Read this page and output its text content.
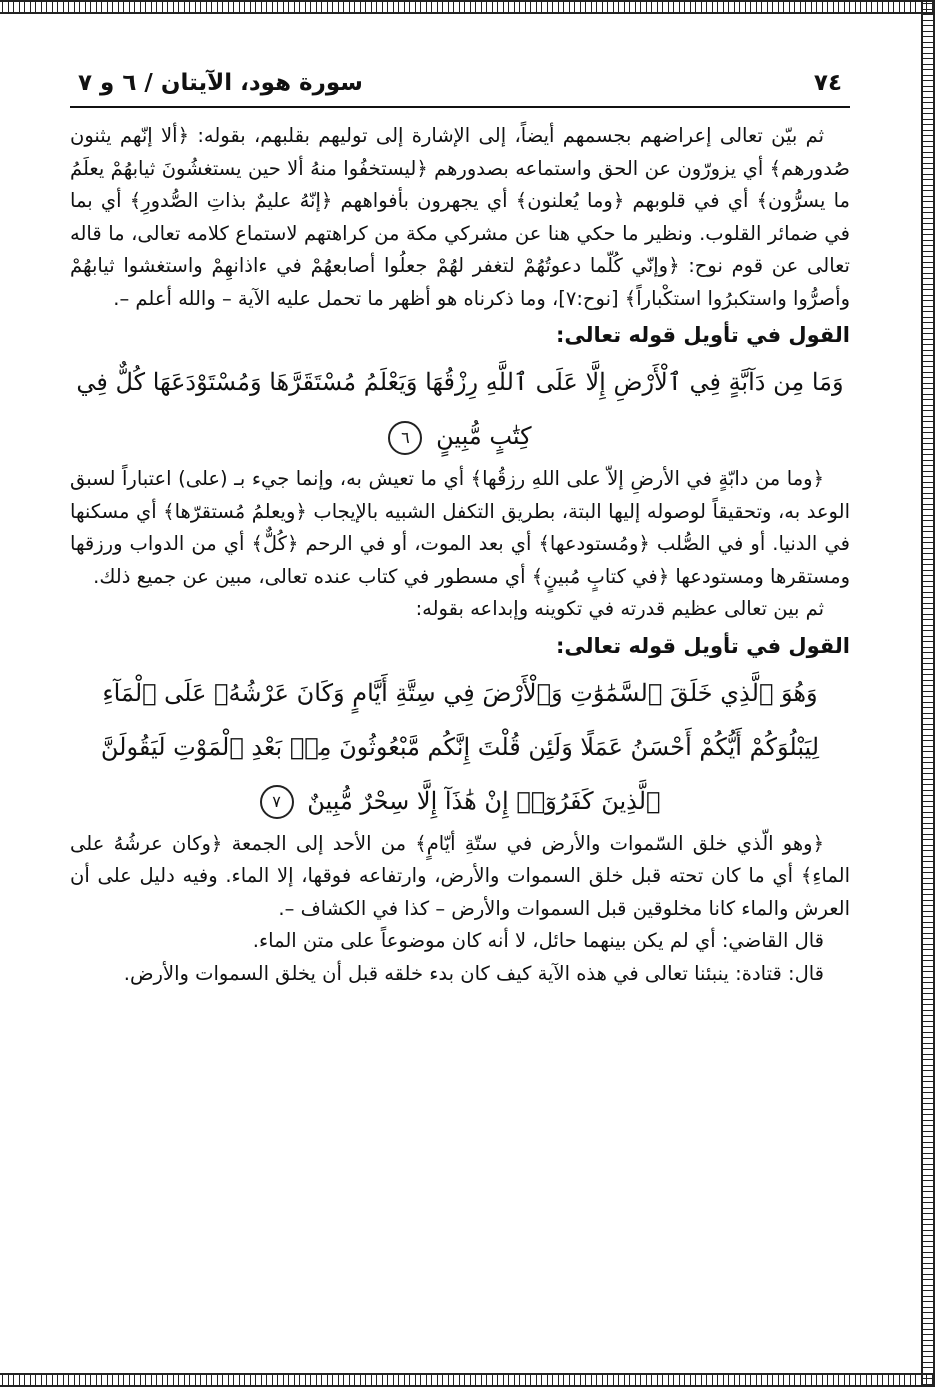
٧٤
سورة هود، الآيتان / ٦ و ٧

ثم بيّن تعالى إعراضهم بجسمهم أيضاً، إلى الإشارة إلى توليهم بقلبهم، بقوله: ﴿ألا إنّهم يثنون صُدورهم﴾ أي يزورّون عن الحق واستماعه بصدورهم ﴿ليستخفُوا منهُ ألا حين يستغشُونَ ثيابهُمْ يعلَمُ ما يسرُّون﴾ أي في قلوبهم ﴿وما يُعلنون﴾ أي يجهرون بأفواههم ﴿إنّهُ عليمٌ بذاتِ الصُّدورِ﴾ أي بما في ضمائر القلوب. ونظير ما حكي هنا عن مشركي مكة من كراهتهم لاستماع كلامه تعالى، ما قاله تعالى عن قوم نوح: ﴿وإنّي كُلّما دعوتُهُمْ لتغفر لهُمْ جعلُوا أصابعهُمْ في ءاذانهِمْ واستغشوا ثيابهُمْ وأصرُّوا واستكبرُوا استكْباراً﴾ [نوح:٧]، وما ذكرناه هو أظهر ما تحمل عليه الآية – والله أعلم –.

القول في تأويل قوله تعالى:
وَمَا مِن دَآبَّةٍ فِي ٱلْأَرْضِ إِلَّا عَلَى ٱللَّهِ رِزْقُهَا وَيَعْلَمُ مُسْتَقَرَّهَا وَمُسْتَوْدَعَهَا كُلٌّ فِي كِتَٰبٍ مُّبِينٍ ٦

﴿وما من دابّةٍ في الأرضِ إلاّ على اللهِ رزقُها﴾ أي ما تعيش به، وإنما جيء بـ (على) اعتباراً لسبق الوعد به، وتحقيقاً لوصوله إليها البتة، بطريق التكفل الشبيه بالإيجاب ﴿ويعلمُ مُستقرّها﴾ أي مسكنها في الدنيا. أو في الصُّلب ﴿ومُستودعها﴾ أي بعد الموت، أو في الرحم ﴿كُلٌّ﴾ أي من الدواب ورزقها ومستقرها ومستودعها ﴿في كتابٍ مُبينٍ﴾ أي مسطور في كتاب عنده تعالى، مبين عن جميع ذلك.

ثم بين تعالى عظيم قدرته في تكوينه وإبداعه بقوله:

القول في تأويل قوله تعالى:
وَهُوَ ٱلَّذِي خَلَقَ ٱلسَّمَٰوَٰتِ وَٱلْأَرْضَ فِي سِتَّةِ أَيَّامٍ وَكَانَ عَرْشُهُۥ عَلَى ٱلْمَآءِ لِيَبْلُوَكُمْ أَيُّكُمْ أَحْسَنُ عَمَلًا وَلَئِن قُلْتَ إِنَّكُم مَّبْعُوثُونَ مِنۢ بَعْدِ ٱلْمَوْتِ لَيَقُولَنَّ ٱلَّذِينَ كَفَرُوٓا۟ إِنْ هَٰذَآ إِلَّا سِحْرٌ مُّبِينٌ ٧

﴿وهو الّذي خلق السّموات والأرض في ستّةِ أيّامٍ﴾ من الأحد إلى الجمعة ﴿وكان عرشُهُ على الماءِ﴾ أي ما كان تحته قبل خلق السموات والأرض، وارتفاعه فوقها، إلا الماء. وفيه دليل على أن العرش والماء كانا مخلوقين قبل السموات والأرض – كذا في الكشاف –.

قال القاضي: أي لم يكن بينهما حائل، لا أنه كان موضوعاً على متن الماء.

قال: قتادة: ينبئنا تعالى في هذه الآية كيف كان بدء خلقه قبل أن يخلق السموات والأرض.
